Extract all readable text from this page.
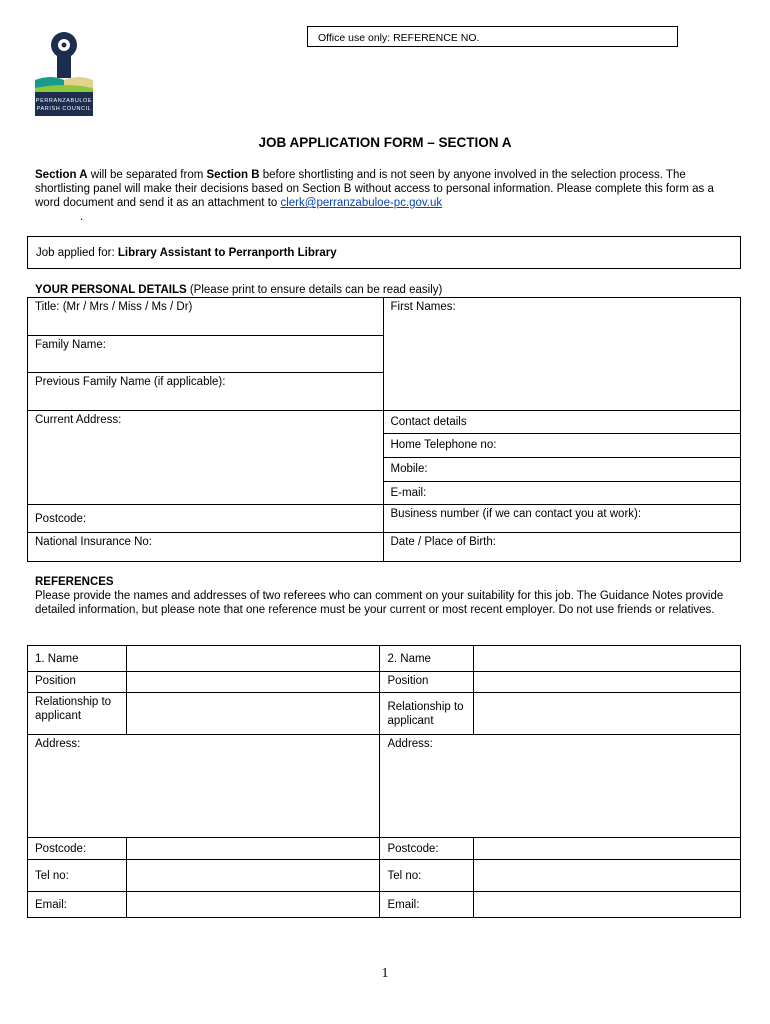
Office use only: REFERENCE NO.
PERRANZABULOE
PARISH COUNCIL
JOB APPLICATION FORM – SECTION A
Section A will be separated from Section B before shortlisting and is not seen by anyone involved in the selection process. The shortlisting panel will make their decisions based on Section B without access to personal information. Please complete this form as a word document and send it as an attachment to clerk@perranzabuloe-pc.gov.uk
.
Job applied for: Library Assistant to Perranporth Library
YOUR PERSONAL DETAILS (Please print to ensure details can be read easily)
Title: (Mr / Mrs / Miss / Ms / Dr)	First Names:

Family Name:	

Previous Family Name (if applicable):	

Current Address:	Contact details

	Home Telephone no:

	Mobile:

	E-mail:

Postcode:	Business number (if we can contact you at work):

National Insurance No:	Date / Place of Birth:
REFERENCES
Please provide the names and addresses of two referees who can comment on your suitability for this job. The Guidance Notes provide detailed information, but please note that one reference must be your current or most recent employer. Do not use friends or relatives.
1. Name		2. Name	

Position		Position	

Relationship to applicant		Relationship to applicant	

Address:		Address:	

Postcode:		Postcode:	

Tel no:		Tel no:	

Email:		Email:	

1
